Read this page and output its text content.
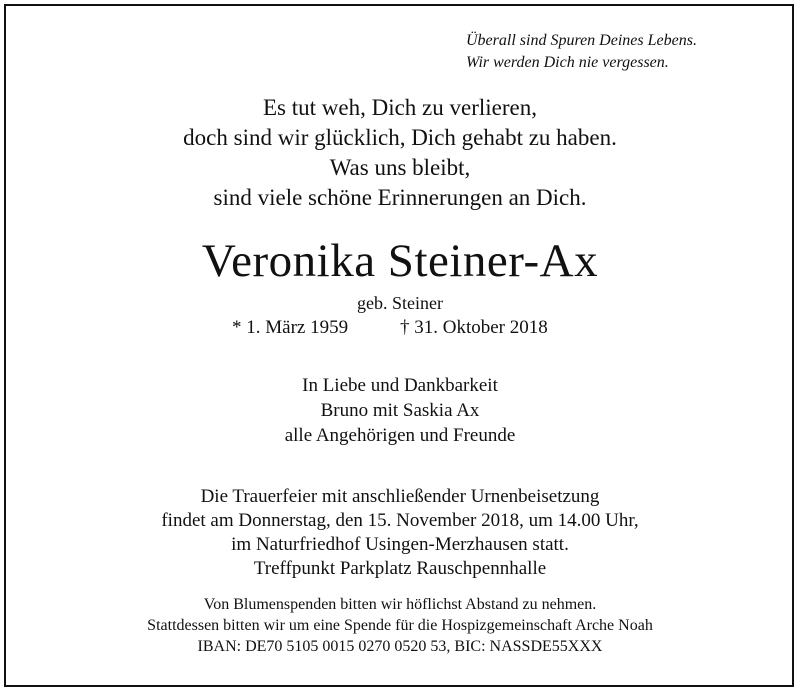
Überall sind Spuren Deines Lebens.
Wir werden Dich nie vergessen.
Es tut weh, Dich zu verlieren,
doch sind wir glücklich, Dich gehabt zu haben.
Was uns bleibt,
sind viele schöne Erinnerungen an Dich.
Veronika Steiner-Ax
geb. Steiner
* 1. März 1959	† 31. Oktober 2018
In Liebe und Dankbarkeit
Bruno mit Saskia Ax
alle Angehörigen und Freunde
Die Trauerfeier mit anschließender Urnenbeisetzung
findet am Donnerstag, den 15. November 2018, um 14.00 Uhr,
im Naturfriedhof Usingen-Merzhausen statt.
Treffpunkt Parkplatz Rauschpennhalle
Von Blumenspenden bitten wir höflichst Abstand zu nehmen.
Stattdessen bitten wir um eine Spende für die Hospizgemeinschaft Arche Noah
IBAN: DE70 5105 0015 0270 0520 53, BIC: NASSDE55XXX
